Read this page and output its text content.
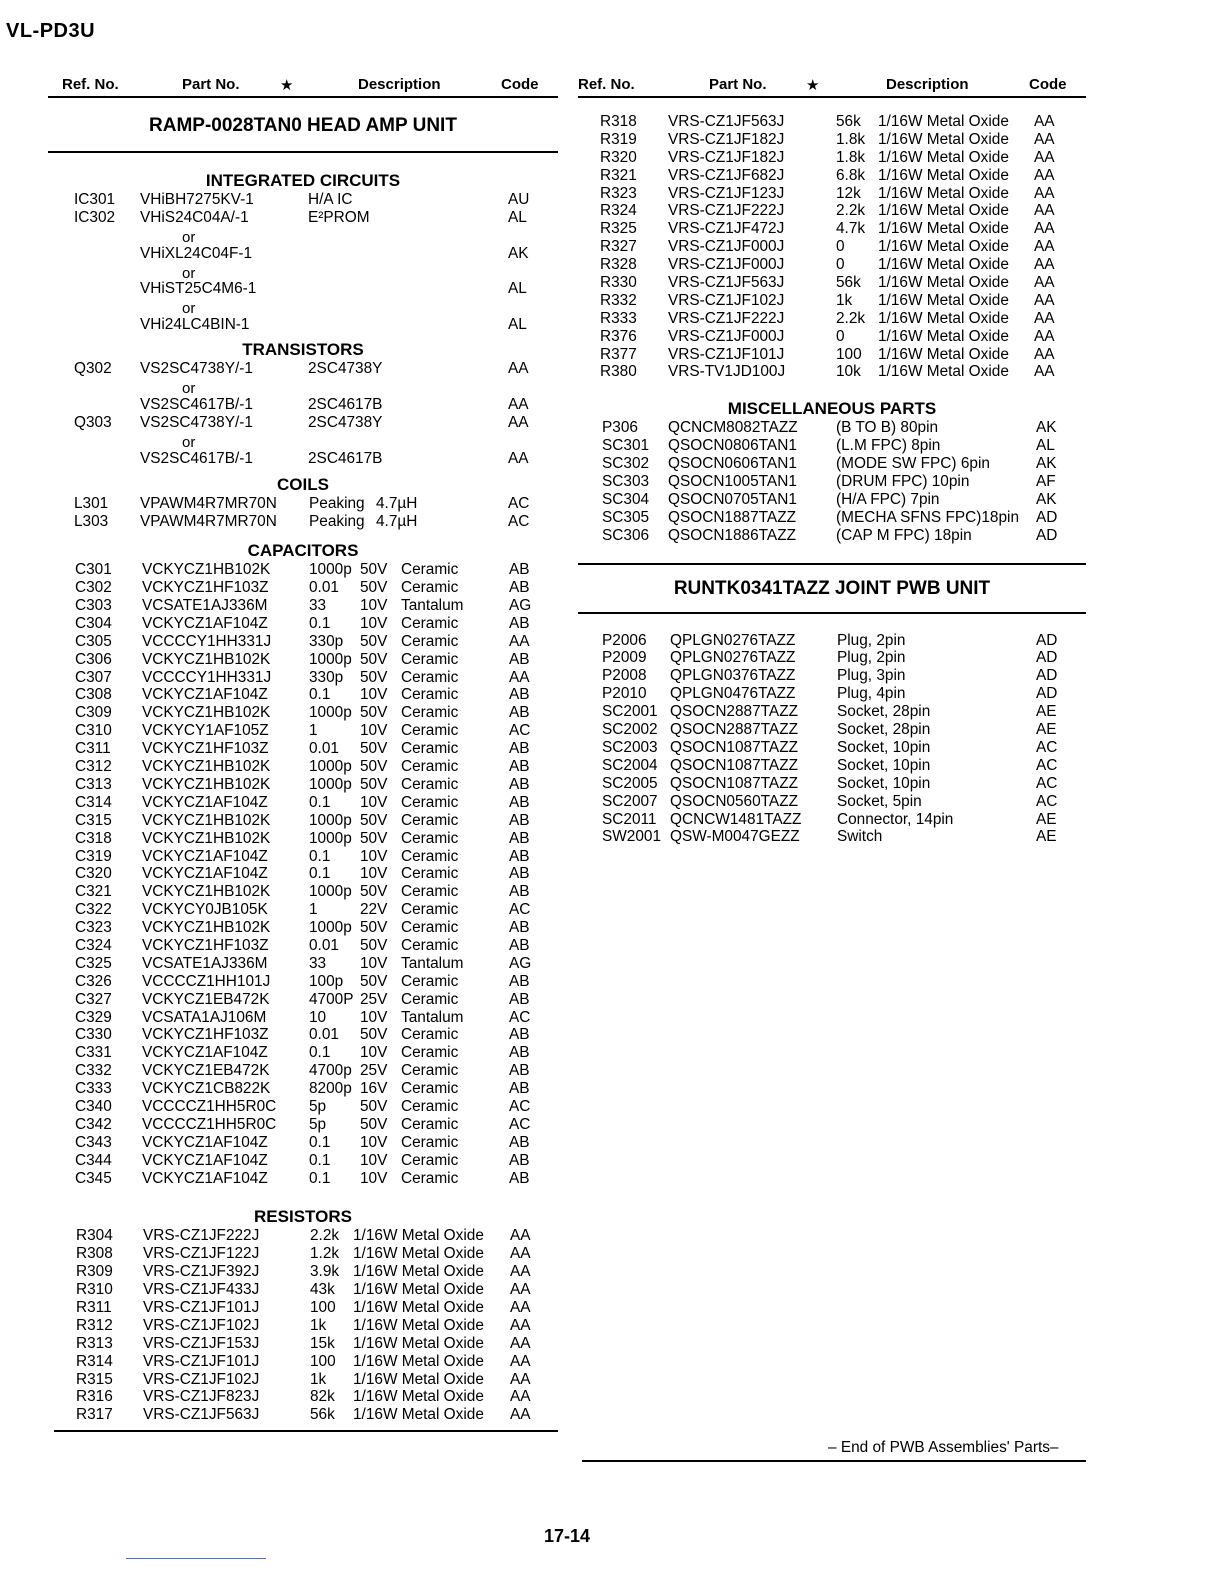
VL-PD3U
Ref. No.	Part No.	★	Description	Code
RAMP-0028TAN0 HEAD AMP UNIT
INTEGRATED CIRCUITS
IC301 VHiBH7275KV-1	H/A IC	AU
IC302 VHiS24C04A/-1	E²PROM	AL
or
VHiXL24C04F-1	AK
or
VHiST25C4M6-1	AL
or
VHi24LC4BIN-1	AL
TRANSISTORS
Q302 VS2SC4738Y/-1	2SC4738Y	AA
or
VS2SC4617B/-1	2SC4617B	AA
Q303 VS2SC4738Y/-1	2SC4738Y	AA
or
VS2SC4617B/-1	2SC4617B	AA
COILS
L301 VPAWM4R7MR70N Peaking 4.7µH	AC
L303 VPAWM4R7MR70N Peaking 4.7µH	AC
CAPACITORS
C301 VCKYCZ1HB102K	1000p 50V Ceramic	AB
C302 VCKYCZ1HF103Z	0.01 50V Ceramic	AB
C303 VCSATE1AJ336M	33 10V Tantalum	AG
C304 VCKYCZ1AF104Z	0.1 10V Ceramic	AB
C305 VCCCCY1HH331J 330p 50V Ceramic	AA
C306 VCKYCZ1HB102K	1000p 50V Ceramic	AB
C307 VCCCCY1HH331J 330p 50V Ceramic	AA
C308 VCKYCZ1AF104Z	0.1 10V Ceramic	AB
C309 VCKYCZ1HB102K	1000p 50V Ceramic	AB
C310 VCKYCY1AF105Z	1	10V Ceramic	AC
C311 VCKYCZ1HF103Z	0.01 50V Ceramic	AB
C312 VCKYCZ1HB102K	1000p 50V Ceramic	AB
C313 VCKYCZ1HB102K	1000p 50V Ceramic	AB
C314 VCKYCZ1AF104Z	0.1 10V Ceramic	AB
C315 VCKYCZ1HB102K	1000p 50V Ceramic	AB
C318 VCKYCZ1HB102K	1000p 50V Ceramic	AB
C319 VCKYCZ1AF104Z	0.1 10V Ceramic	AB
C320 VCKYCZ1AF104Z	0.1 10V Ceramic	AB
C321 VCKYCZ1HB102K	1000p 50V Ceramic	AB
C322 VCKYCY0JB105K	1	22V Ceramic	AC
C323 VCKYCZ1HB102K	1000p 50V Ceramic	AB
C324 VCKYCZ1HF103Z	0.01 50V Ceramic	AB
C325 VCSATE1AJ336M	33 10V Tantalum	AG
C326 VCCCCZ1HH101J	100p 50V Ceramic	AB
C327 VCKYCZ1EB472K	4700P 25V Ceramic	AB
C329 VCSATA1AJ106M	10 10V Tantalum	AC
C330 VCKYCZ1HF103Z	0.01 50V Ceramic	AB
C331 VCKYCZ1AF104Z	0.1 10V Ceramic	AB
C332 VCKYCZ1EB472K	4700p 25V Ceramic	AB
C333 VCKYCZ1CB822K	8200p 16V Ceramic	AB
C340 VCCCCZ1HH5R0C 5p 50V Ceramic	AC
C342 VCCCCZ1HH5R0C 5p 50V Ceramic	AC
C343 VCKYCZ1AF104Z	0.1 10V Ceramic	AB
C344 VCKYCZ1AF104Z	0.1 10V Ceramic	AB
C345 VCKYCZ1AF104Z	0.1 10V Ceramic	AB
RESISTORS
R304 VRS-CZ1JF222J	2.2k 1/16W Metal Oxide AA
R308 VRS-CZ1JF122J	1.2k 1/16W Metal Oxide AA
R309 VRS-CZ1JF392J	3.9k 1/16W Metal Oxide AA
R310 VRS-CZ1JF433J	43k 1/16W Metal Oxide AA
R311 VRS-CZ1JF101J	100 1/16W Metal Oxide AA
R312 VRS-CZ1JF102J	1k 1/16W Metal Oxide AA
R313 VRS-CZ1JF153J	15k 1/16W Metal Oxide AA
R314 VRS-CZ1JF101J	100 1/16W Metal Oxide AA
R315 VRS-CZ1JF102J	1k 1/16W Metal Oxide AA
R316 VRS-CZ1JF823J	82k 1/16W Metal Oxide AA
R317 VRS-CZ1JF563J	56k 1/16W Metal Oxide AA
Ref. No.	Part No.	★	Description	Code
R318 VRS-CZ1JF563J	56k 1/16W Metal Oxide AA
R319 VRS-CZ1JF182J	1.8k 1/16W Metal Oxide AA
R320 VRS-CZ1JF182J	1.8k 1/16W Metal Oxide AA
R321 VRS-CZ1JF682J	6.8k 1/16W Metal Oxide AA
R323 VRS-CZ1JF123J	12k 1/16W Metal Oxide AA
R324 VRS-CZ1JF222J	2.2k 1/16W Metal Oxide AA
R325 VRS-CZ1JF472J	4.7k 1/16W Metal Oxide AA
R327 VRS-CZ1JF000J	0 1/16W Metal Oxide AA
R328 VRS-CZ1JF000J	0 1/16W Metal Oxide AA
R330 VRS-CZ1JF563J	56k 1/16W Metal Oxide AA
R332 VRS-CZ1JF102J	1k 1/16W Metal Oxide AA
R333 VRS-CZ1JF222J	2.2k 1/16W Metal Oxide AA
R376 VRS-CZ1JF000J	0 1/16W Metal Oxide AA
R377 VRS-CZ1JF101J	100 1/16W Metal Oxide AA
R380 VRS-TV1JD100J	10k 1/16W Metal Oxide AA
MISCELLANEOUS PARTS
P306 QCNCM8082TAZZ (B TO B) 80pin	AK
SC301 QSOCN0806TAN1	(L.M FPC) 8pin	AL
SC302 QSOCN0606TAN1	(MODE SW FPC) 6pin	AK
SC303 QSOCN1005TAN1	(DRUM FPC) 10pin	AF
SC304 QSOCN0705TAN1	(H/A FPC) 7pin	AK
SC305 QSOCN1887TAZZ	(MECHA SFNS FPC)18pin AD
SC306 QSOCN1886TAZZ	(CAP M FPC) 18pin	AD
RUNTK0341TAZZ JOINT PWB UNIT
P2006 QPLGN0276TAZZ	Plug, 2pin	AD
P2009 QPLGN0276TAZZ	Plug, 2pin	AD
P2008 QPLGN0376TAZZ	Plug, 3pin	AD
P2010 QPLGN0476TAZZ	Plug, 4pin	AD
SC2001 QSOCN2887TAZZ	Socket, 28pin	AE
SC2002 QSOCN2887TAZZ	Socket, 28pin	AE
SC2003 QSOCN1087TAZZ	Socket, 10pin	AC
SC2004 QSOCN1087TAZZ	Socket, 10pin	AC
SC2005 QSOCN1087TAZZ	Socket, 10pin	AC
SC2007 QSOCN0560TAZZ	Socket, 5pin	AC
SC2011 QCNCW1481TAZZ Connector, 14pin	AE
SW2001 QSW-M0047GEZZ Switch	AE
– End of PWB Assemblies' Parts–
17-14
